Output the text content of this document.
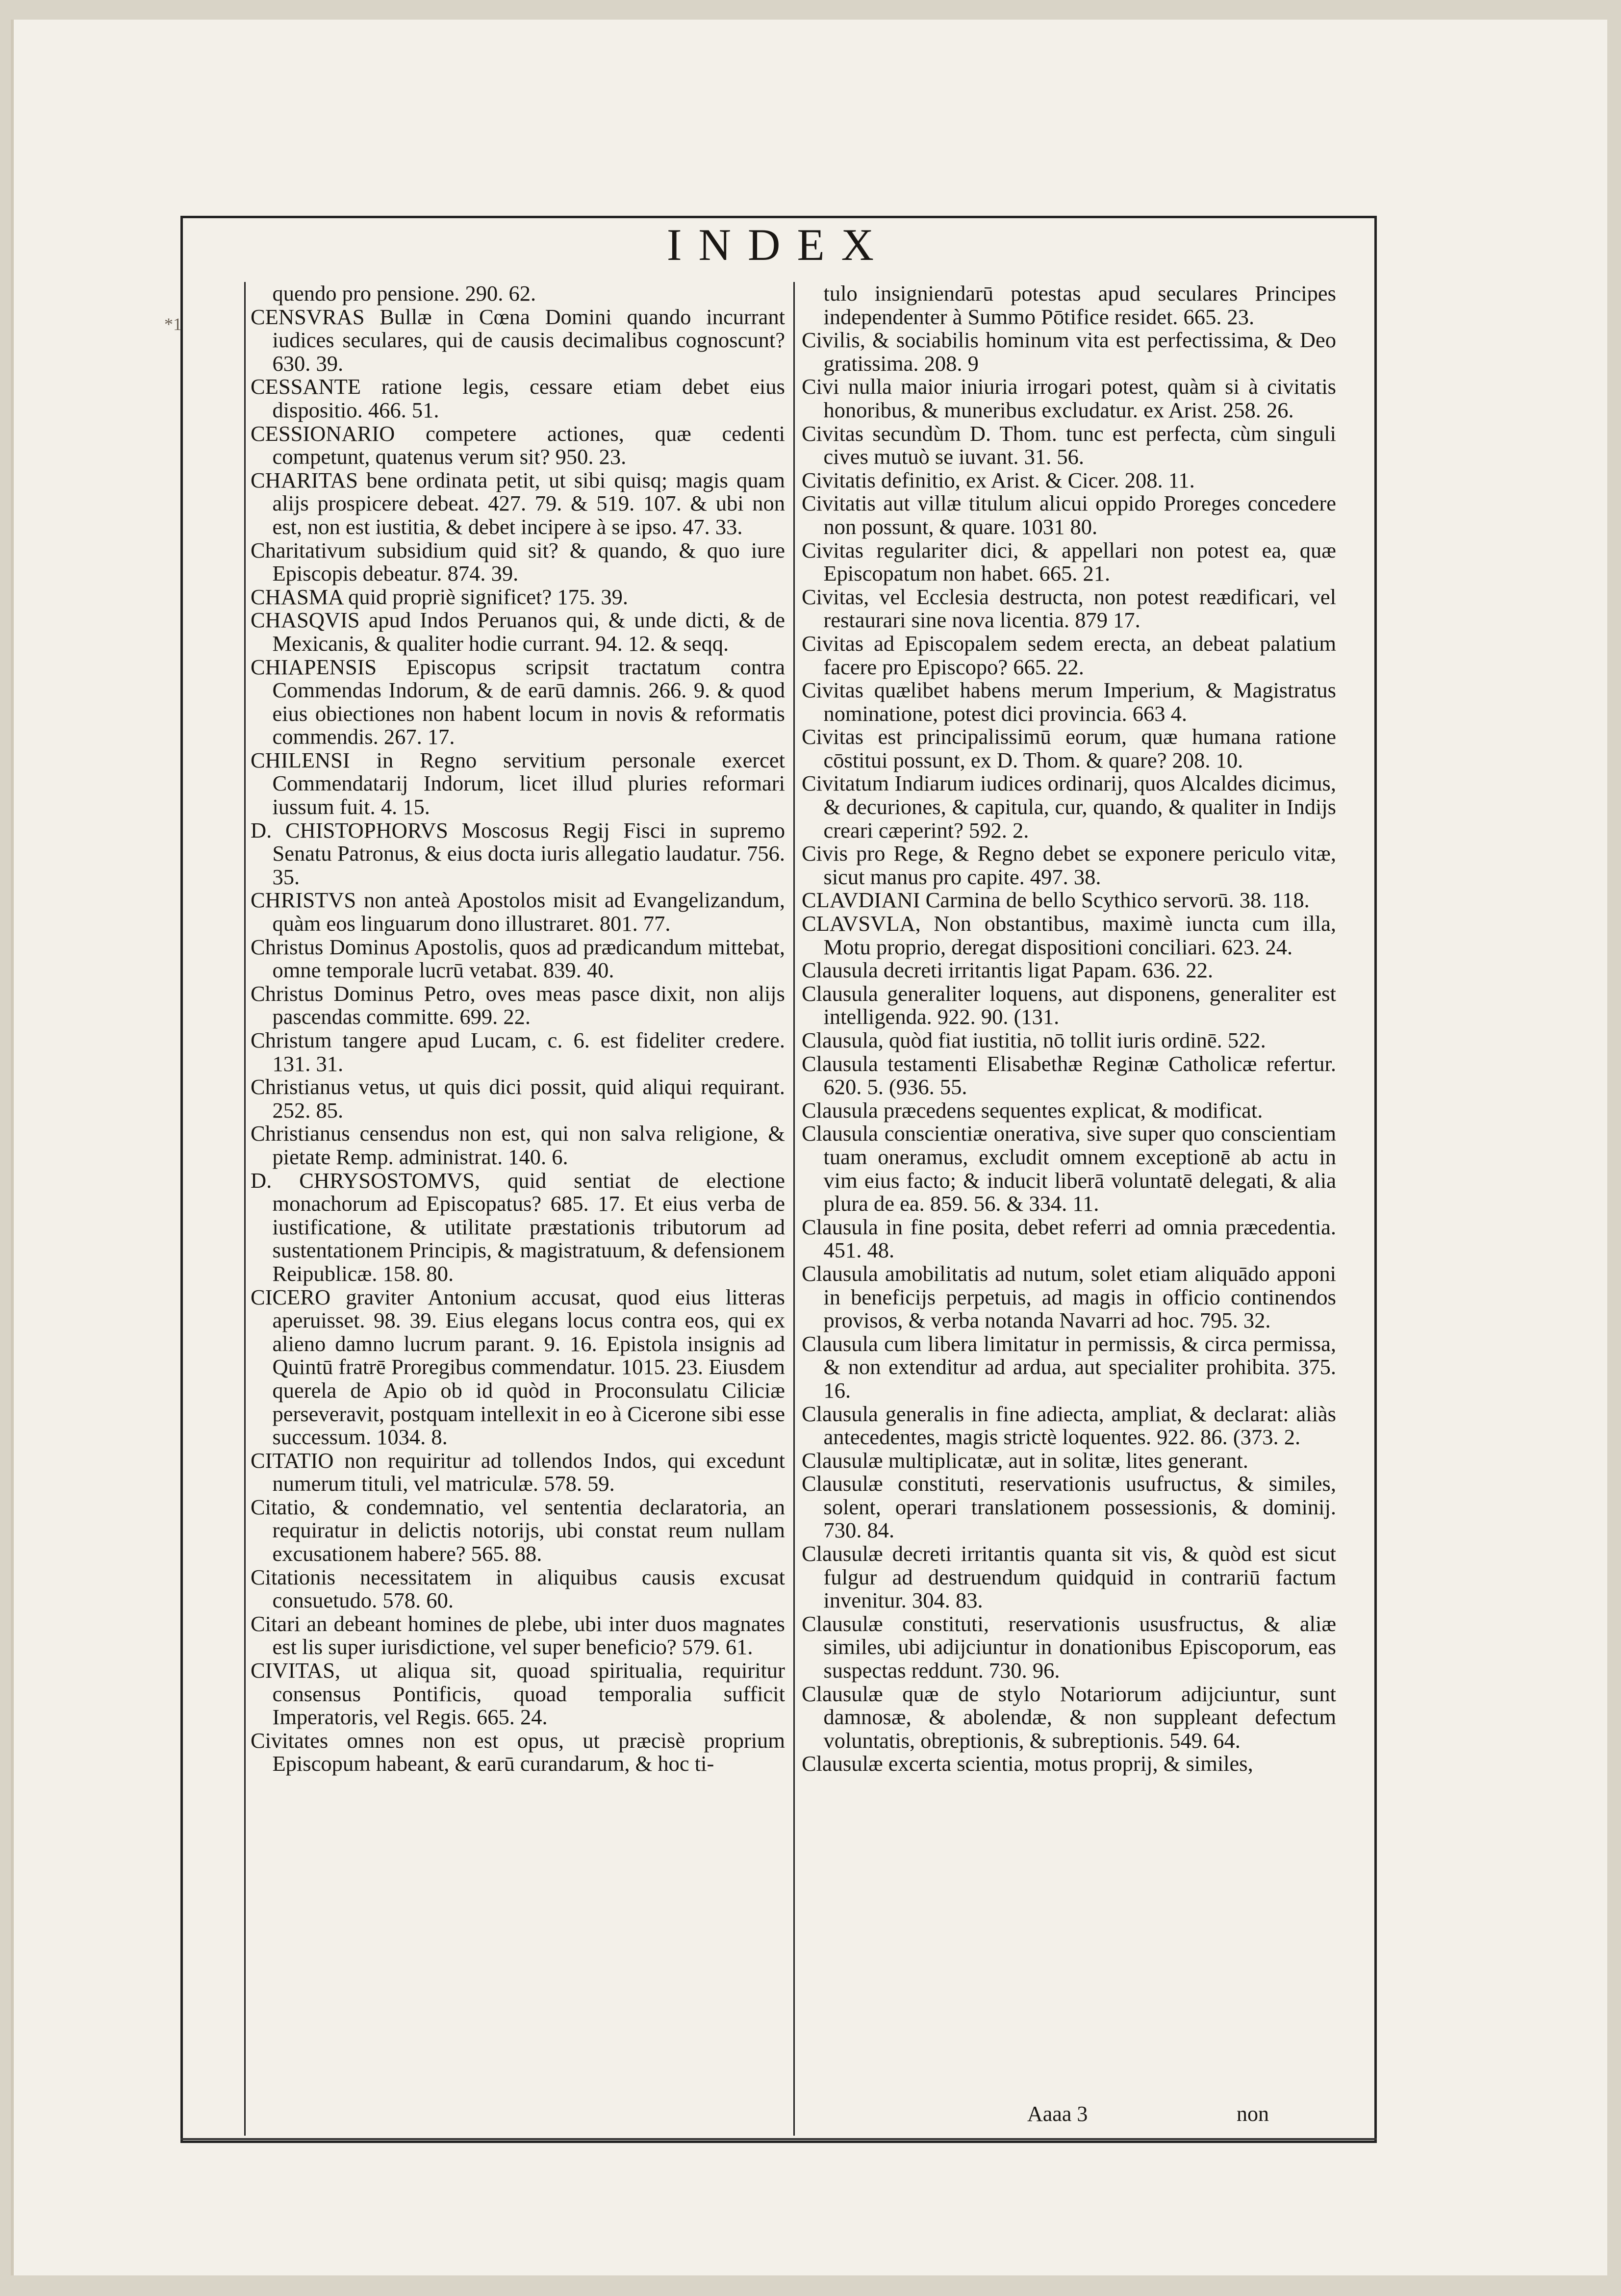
*1
INDEX

quendo pro pensione. 290. 62.

CENSVRAS Bullæ in Cœna Domini quando incurrant iudices seculares, qui de causis decimalibus cognoscunt? 630. 39.

CESSANTE ratione legis, cessare etiam debet eius dispositio. 466. 51.

CESSIONARIO competere actiones, quæ cedenti competunt, quatenus verum sit? 950. 23.

CHARITAS bene ordinata petit, ut sibi quisq; magis quam alijs prospicere debeat. 427. 79. & 519. 107. & ubi non est, non est iustitia, & debet incipere à se ipso. 47. 33.

Charitativum subsidium quid sit? & quando, & quo iure Episcopis debeatur. 874. 39.

CHASMA quid propriè significet? 175. 39.

CHASQVIS apud Indos Peruanos qui, & unde dicti, & de Mexicanis, & qualiter hodie currant. 94. 12. & seqq.

CHIAPENSIS Episcopus scripsit tractatum contra Commendas Indorum, & de earū damnis. 266. 9. & quod eius obiectiones non habent locum in novis & reformatis commendis. 267. 17.

CHILENSI in Regno servitium personale exercet Commendatarij Indorum, licet illud pluries reformari iussum fuit. 4. 15.

D. CHISTOPHORVS Moscosus Regij Fisci in supremo Senatu Patronus, & eius docta iuris allegatio laudatur. 756. 35.

CHRISTVS non anteà Apostolos misit ad Evangelizandum, quàm eos linguarum dono illustraret. 801. 77.

Christus Dominus Apostolis, quos ad prædicandum mittebat, omne temporale lucrū vetabat. 839. 40.

Christus Dominus Petro, oves meas pasce dixit, non alijs pascendas committe. 699. 22.

Christum tangere apud Lucam, c. 6. est fideliter credere. 131. 31.

Christianus vetus, ut quis dici possit, quid aliqui requirant. 252. 85.

Christianus censendus non est, qui non salva religione, & pietate Remp. administrat. 140. 6.

D. CHRYSOSTOMVS, quid sentiat de electione monachorum ad Episcopatus? 685. 17. Et eius verba de iustificatione, & utilitate præstationis tributorum ad sustentationem Principis, & magistratuum, & defensionem Reipublicæ. 158. 80.

CICERO graviter Antonium accusat, quod eius litteras aperuisset. 98. 39. Eius elegans locus contra eos, qui ex alieno damno lucrum parant. 9. 16. Epistola insignis ad Quintū fratrē Proregibus commendatur. 1015. 23. Eiusdem querela de Apio ob id quòd in Proconsulatu Ciliciæ perseveravit, postquam intellexit in eo à Cicerone sibi esse successum. 1034. 8.

CITATIO non requiritur ad tollendos Indos, qui excedunt numerum tituli, vel matriculæ. 578. 59.

Citatio, & condemnatio, vel sententia declaratoria, an requiratur in delictis notorijs, ubi constat reum nullam excusationem habere? 565. 88.

Citationis necessitatem in aliquibus causis excusat consuetudo. 578. 60.

Citari an debeant homines de plebe, ubi inter duos magnates est lis super iurisdictione, vel super beneficio? 579. 61.

CIVITAS, ut aliqua sit, quoad spiritualia, requiritur consensus Pontificis, quoad temporalia sufficit Imperatoris, vel Regis. 665. 24.

Civitates omnes non est opus, ut præcisè proprium Episcopum habeant, & earū curandarum, & hoc ti-

tulo insigniendarū potestas apud seculares Principes independenter à Summo Pōtifice residet. 665. 23.

Civilis, & sociabilis hominum vita est perfectissima, & Deo gratissima. 208. 9

Civi nulla maior iniuria irrogari potest, quàm si à civitatis honoribus, & muneribus excludatur. ex Arist. 258. 26.

Civitas secundùm D. Thom. tunc est perfecta, cùm singuli cives mutuò se iuvant. 31. 56.

Civitatis definitio, ex Arist. & Cicer. 208. 11.

Civitatis aut villæ titulum alicui oppido Proreges concedere non possunt, & quare. 1031 80.

Civitas regulariter dici, & appellari non potest ea, quæ Episcopatum non habet. 665. 21.

Civitas, vel Ecclesia destructa, non potest reædificari, vel restaurari sine nova licentia. 879 17.

Civitas ad Episcopalem sedem erecta, an debeat palatium facere pro Episcopo? 665. 22.

Civitas quælibet habens merum Imperium, & Magistratus nominatione, potest dici provincia. 663 4.

Civitas est principalissimū eorum, quæ humana ratione cōstitui possunt, ex D. Thom. & quare? 208. 10.

Civitatum Indiarum iudices ordinarij, quos Alcaldes dicimus, & decuriones, & capitula, cur, quando, & qualiter in Indijs creari cæperint? 592. 2.

Civis pro Rege, & Regno debet se exponere periculo vitæ, sicut manus pro capite. 497. 38.

CLAVDIANI Carmina de bello Scythico servorū. 38. 118.

CLAVSVLA, Non obstantibus, maximè iuncta cum illa, Motu proprio, deregat dispositioni conciliari. 623. 24.

Clausula decreti irritantis ligat Papam. 636. 22.

Clausula generaliter loquens, aut disponens, generaliter est intelligenda. 922. 90. (131.

Clausula, quòd fiat iustitia, nō tollit iuris ordinē. 522.

Clausula testamenti Elisabethæ Reginæ Catholicæ refertur. 620. 5. (936. 55.

Clausula præcedens sequentes explicat, & modificat.

Clausula conscientiæ onerativa, sive super quo conscientiam tuam oneramus, excludit omnem exceptionē ab actu in vim eius facto; & inducit liberā voluntatē delegati, & alia plura de ea. 859. 56. & 334. 11.

Clausula in fine posita, debet referri ad omnia præcedentia. 451. 48.

Clausula amobilitatis ad nutum, solet etiam aliquādo apponi in beneficijs perpetuis, ad magis in officio continendos provisos, & verba notanda Navarri ad hoc. 795. 32.

Clausula cum libera limitatur in permissis, & circa permissa, & non extenditur ad ardua, aut specialiter prohibita. 375. 16.

Clausula generalis in fine adiecta, ampliat, & declarat: aliàs antecedentes, magis strictè loquentes. 922. 86. (373. 2.

Clausulæ multiplicatæ, aut in solitæ, lites generant.

Clausulæ constituti, reservationis usufructus, & similes, solent, operari translationem possessionis, & dominij. 730. 84.

Clausulæ decreti irritantis quanta sit vis, & quòd est sicut fulgur ad destruendum quidquid in contrariū factum invenitur. 304. 83.

Clausulæ constituti, reservationis ususfructus, & aliæ similes, ubi adijciuntur in donationibus Episcoporum, eas suspectas reddunt. 730. 96.

Clausulæ quæ de stylo Notariorum adijciuntur, sunt damnosæ, & abolendæ, & non suppleant defectum voluntatis, obreptionis, & subreptionis. 549. 64.

Clausulæ excerta scientia, motus proprij, & similes,

Aaaa 3	non
